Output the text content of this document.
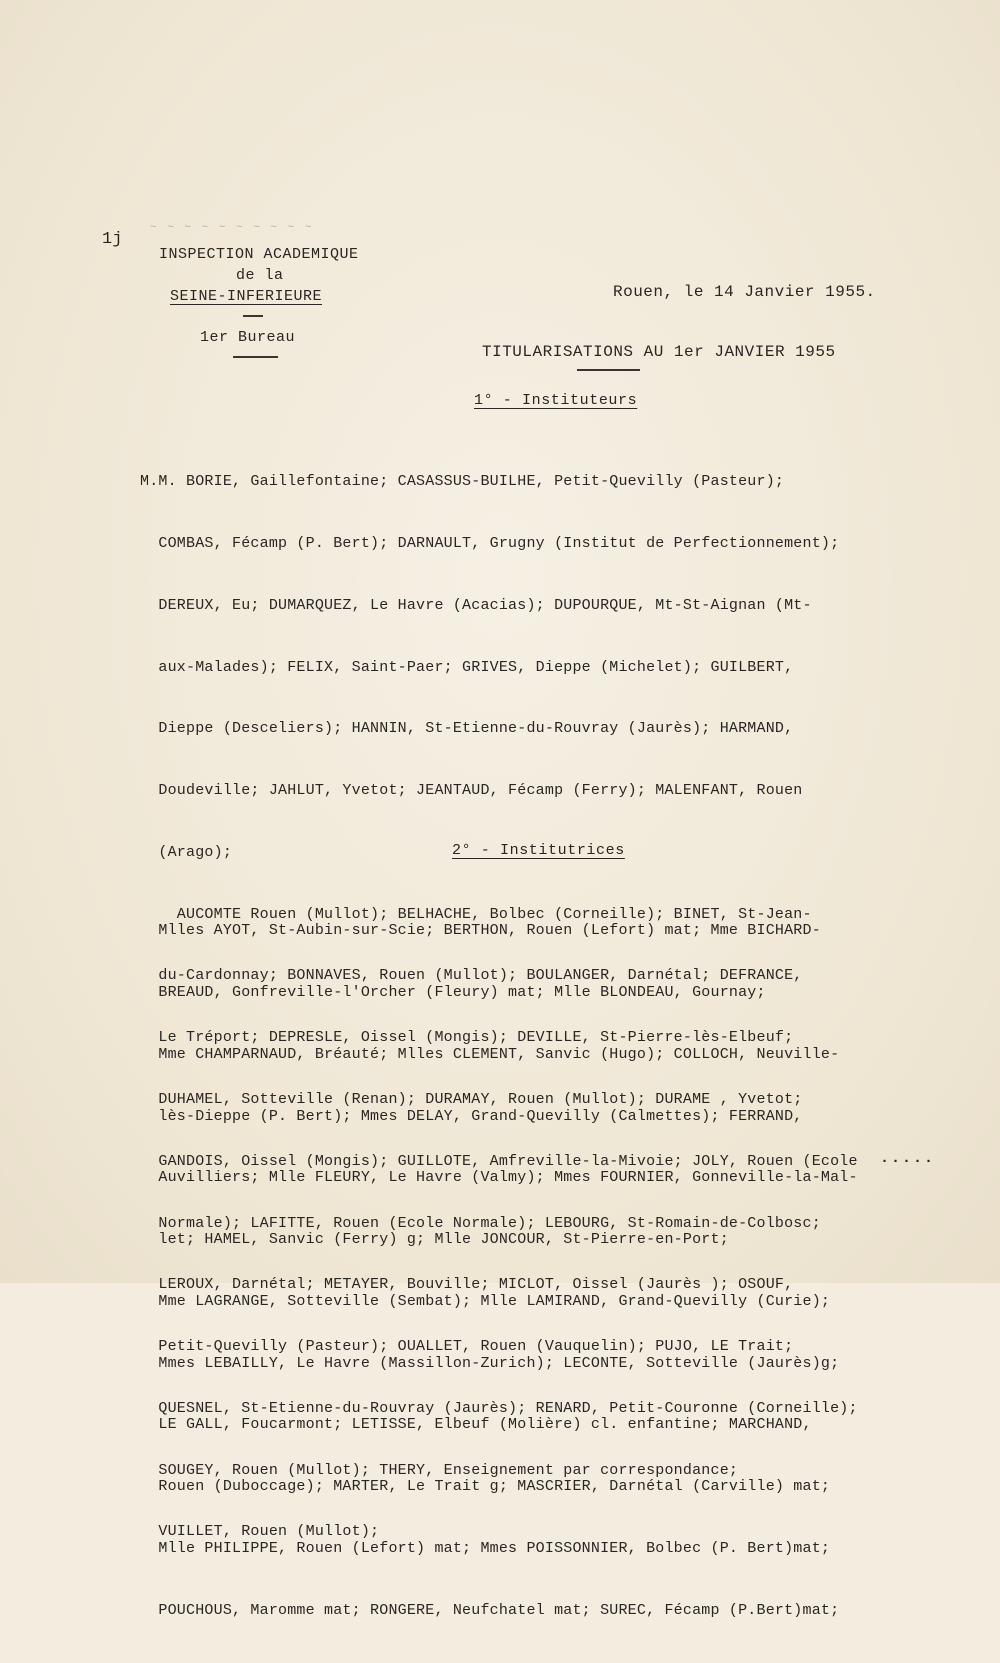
1j
~ ~ ~ ~ ~ ~ ~ ~ ~ ~
INSPECTION ACADEMIQUE
de la
SEINE-INFERIEURE
1er Bureau
Rouen, le 14 Janvier 1955.
TITULARISATIONS AU 1er JANVIER 1955
1° - Instituteurs

M.M. BORIE, Gaillefontaine; CASASSUS-BUILHE, Petit-Quevilly (Pasteur);

COMBAS, Fécamp (P. Bert); DARNAULT, Grugny (Institut de Perfectionnement);

DEREUX, Eu; DUMARQUEZ, Le Havre (Acacias); DUPOURQUE, Mt-St-Aignan (Mt-

aux-Malades); FELIX, Saint-Paer; GRIVES, Dieppe (Michelet); GUILBERT,

Dieppe (Desceliers); HANNIN, St-Etienne-du-Rouvray (Jaurès); HARMAND,

Doudeville; JAHLUT, Yvetot; JEANTAUD, Fécamp (Ferry); MALENFANT, Rouen

(Arago);

AUCOMTE Rouen (Mullot); BELHACHE, Bolbec (Corneille); BINET, St-Jean-

du-Cardonnay; BONNAVES, Rouen (Mullot); BOULANGER, Darnétal; DEFRANCE,

Le Tréport; DEPRESLE, Oissel (Mongis); DEVILLE, St-Pierre-lès-Elbeuf;

DUHAMEL, Sotteville (Renan); DURAMAY, Rouen (Mullot); DURAME , Yvetot;

GANDOIS, Oissel (Mongis); GUILLOTE, Amfreville-la-Mivoie; JOLY, Rouen (Ecole

Normale); LAFITTE, Rouen (Ecole Normale); LEBOURG, St-Romain-de-Colbosc;

LEROUX, Darnétal; METAYER, Bouville; MICLOT, Oissel (Jaurès ); OSOUF,

Petit-Quevilly (Pasteur); OUALLET, Rouen (Vauquelin); PUJO, LE Trait;

QUESNEL, St-Etienne-du-Rouvray (Jaurès); RENARD, Petit-Couronne (Corneille);

SOUGEY, Rouen (Mullot); THERY, Enseignement par correspondance;

VUILLET, Rouen (Mullot);

2° - Institutrices

Mlles AYOT, St-Aubin-sur-Scie; BERTHON, Rouen (Lefort) mat; Mme BICHARD-

BREAUD, Gonfreville-l'Orcher (Fleury) mat; Mlle BLONDEAU, Gournay;

Mme CHAMPARNAUD, Bréauté; Mlles CLEMENT, Sanvic (Hugo); COLLOCH, Neuville-

lès-Dieppe (P. Bert); Mmes DELAY, Grand-Quevilly (Calmettes); FERRAND,

Auvilliers; Mlle FLEURY, Le Havre (Valmy); Mmes FOURNIER, Gonneville-la-Mal-

let; HAMEL, Sanvic (Ferry) g; Mlle JONCOUR, St-Pierre-en-Port;

Mme LAGRANGE, Sotteville (Sembat); Mlle LAMIRAND, Grand-Quevilly (Curie);

Mmes LEBAILLY, Le Havre (Massillon-Zurich); LECONTE, Sotteville (Jaurès)g;

LE GALL, Foucarmont; LETISSE, Elbeuf (Molière) cl. enfantine; MARCHAND,

Rouen (Duboccage); MARTER, Le Trait g; MASCRIER, Darnétal (Carville) mat;

Mlle PHILIPPE, Rouen (Lefort) mat; Mmes POISSONNIER, Bolbec (P. Bert)mat;

POUCHOUS, Maromme mat; RONGERE, Neufchatel mat; SUREC, Fécamp (P.Bert)mat;

.....
